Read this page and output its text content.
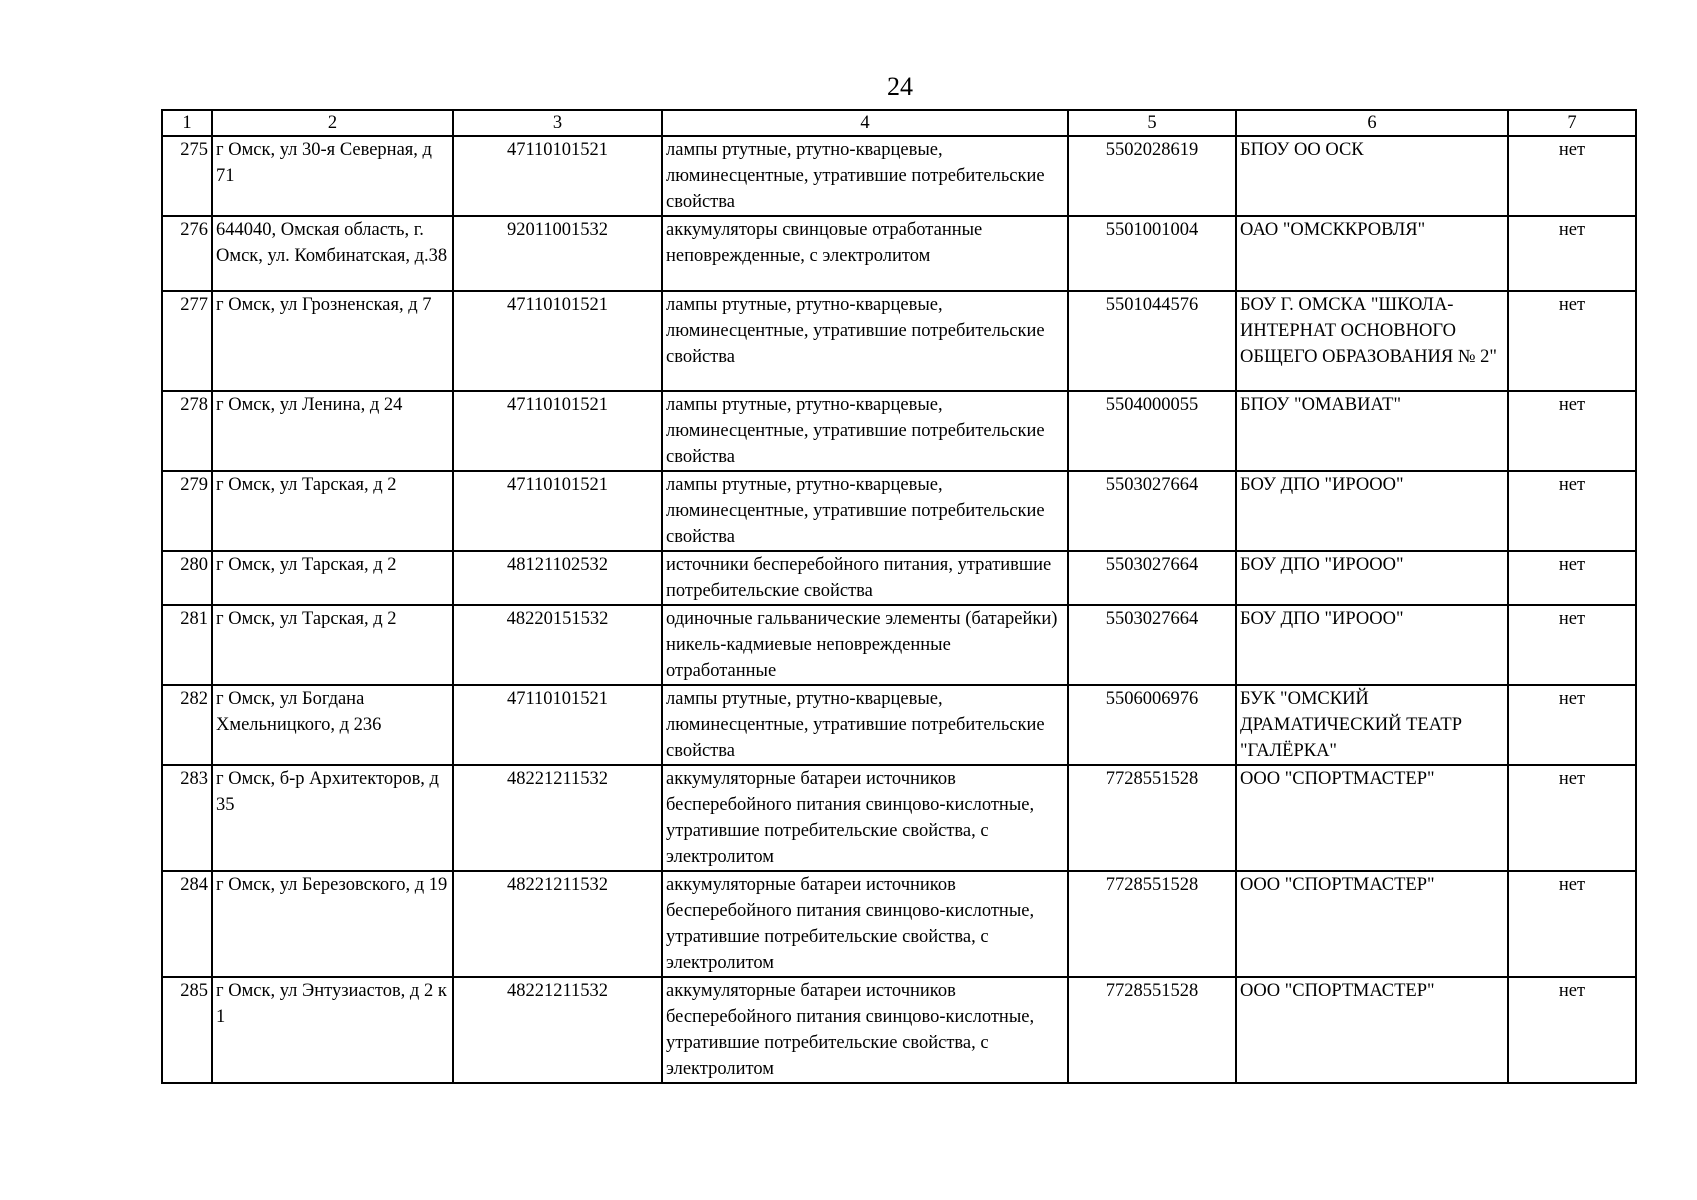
24
1	2	3	4	5	6	7
275	г Омск, ул 30-я Северная, д 71	47110101521	лампы ртутные, ртутно-кварцевые, люминесцентные, утратившие потребительские свойства	5502028619	БПОУ ОО ОСК	нет
276	644040, Омская область, г. Омск, ул. Комбинатская, д.38	92011001532	аккумуляторы свинцовые отработанные неповрежденные, с электролитом	5501001004	ОАО "ОМСККРОВЛЯ"	нет
277	г Омск, ул Грозненская, д 7	47110101521	лампы ртутные, ртутно-кварцевые, люминесцентные, утратившие потребительские свойства	5501044576	БОУ Г. ОМСКА "ШКОЛА-ИНТЕРНАТ ОСНОВНОГО ОБЩЕГО ОБРАЗОВАНИЯ № 2"	нет
278	г Омск, ул Ленина, д 24	47110101521	лампы ртутные, ртутно-кварцевые, люминесцентные, утратившие потребительские свойства	5504000055	БПОУ "ОМАВИАТ"	нет
279	г Омск, ул Тарская, д 2	47110101521	лампы ртутные, ртутно-кварцевые, люминесцентные, утратившие потребительские свойства	5503027664	БОУ ДПО "ИРООО"	нет
280	г Омск, ул Тарская, д 2	48121102532	источники бесперебойного питания, утратившие потребительские свойства	5503027664	БОУ ДПО "ИРООО"	нет
281	г Омск, ул Тарская, д 2	48220151532	одиночные гальванические элементы (батарейки) никель-кадмиевые неповрежденные отработанные	5503027664	БОУ ДПО "ИРООО"	нет
282	г Омск, ул Богдана Хмельницкого, д 236	47110101521	лампы ртутные, ртутно-кварцевые, люминесцентные, утратившие потребительские свойства	5506006976	БУК "ОМСКИЙ ДРАМАТИЧЕСКИЙ ТЕАТР "ГАЛЁРКА"	нет
283	г Омск, б-р Архитекторов, д 35	48221211532	аккумуляторные батареи источников бесперебойного питания свинцово-кислотные, утратившие потребительские свойства, с электролитом	7728551528	ООО "СПОРТМАСТЕР"	нет
284	г Омск, ул Березовского, д 19	48221211532	аккумуляторные батареи источников бесперебойного питания свинцово-кислотные, утратившие потребительские свойства, с электролитом	7728551528	ООО "СПОРТМАСТЕР"	нет
285	г Омск, ул Энтузиастов, д 2 к 1	48221211532	аккумуляторные батареи источников бесперебойного питания свинцово-кислотные, утратившие потребительские свойства, с электролитом	7728551528	ООО "СПОРТМАСТЕР"	нет
